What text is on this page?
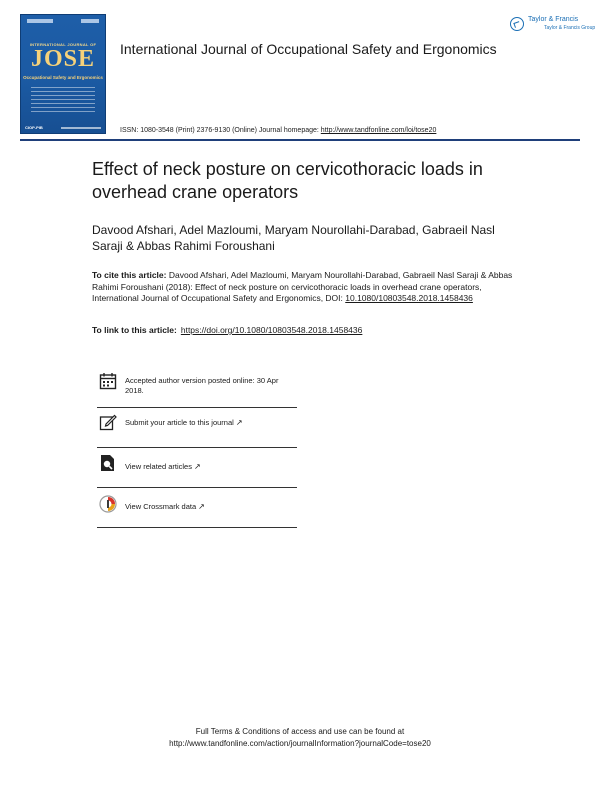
INTERNATIONAL JOURNAL OF
JOSE
Occupational Safety and Ergonomics
CIOP-PIB
International Journal of Occupational Safety and Ergonomics
Taylor & Francis
Taylor & Francis Group
ISSN: 1080-3548 (Print) 2376-9130 (Online) Journal homepage: http://www.tandfonline.com/loi/tose20
Effect of neck posture on cervicothoracic loads in overhead crane operators
Davood Afshari, Adel Mazloumi, Maryam Nourollahi-Darabad, Gabraeil Nasl Saraji & Abbas Rahimi Foroushani
To cite this article: Davood Afshari, Adel Mazloumi, Maryam Nourollahi-Darabad, Gabraeil Nasl Saraji & Abbas Rahimi Foroushani (2018): Effect of neck posture on cervicothoracic loads in overhead crane operators, International Journal of Occupational Safety and Ergonomics, DOI: 10.1080/10803548.2018.1458436
To link to this article: https://doi.org/10.1080/10803548.2018.1458436
Accepted author version posted online: 30 Apr 2018.
Submit your article to this journal ↗
View related articles ↗
View Crossmark data ↗
Full Terms & Conditions of access and use can be found at
http://www.tandfonline.com/action/journalInformation?journalCode=tose20
